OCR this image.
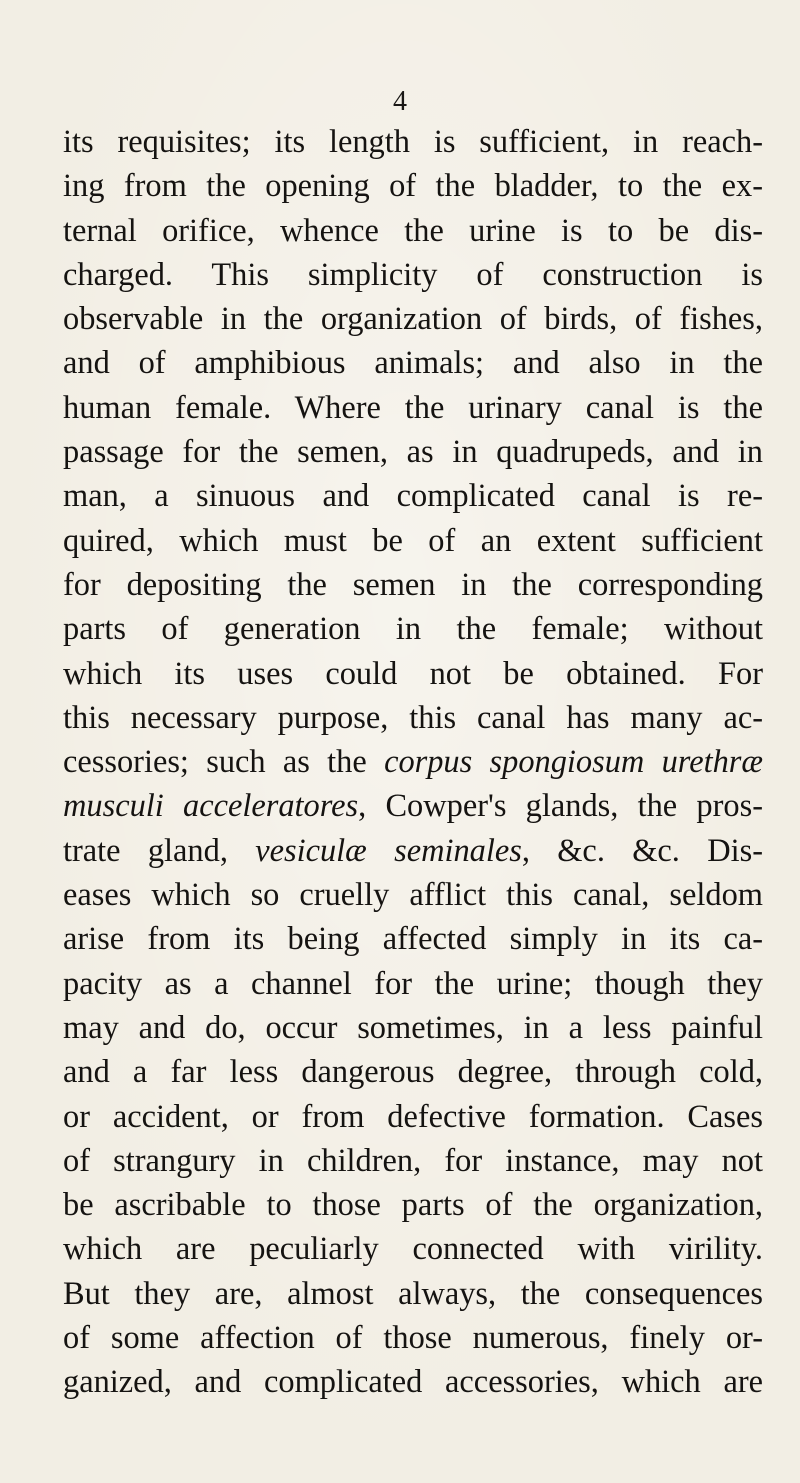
4
its requisites; its length is sufficient, in reach-
ing from the opening of the bladder, to the ex-
ternal orifice, whence the urine is to be dis-
charged. This simplicity of construction is
observable in the organization of birds, of fishes,
and of amphibious animals; and also in the
human female. Where the urinary canal is the
passage for the semen, as in quadrupeds, and in
man, a sinuous and complicated canal is re-
quired, which must be of an extent sufficient
for depositing the semen in the corresponding
parts of generation in the female; without
which its uses could not be obtained. For
this necessary purpose, this canal has many ac-
cessories; such as the corpus spongiosum urethræ
musculi acceleratores, Cowper's glands, the pros-
trate gland, vesiculæ seminales, &c. &c. Dis-
eases which so cruelly afflict this canal, seldom
arise from its being affected simply in its ca-
pacity as a channel for the urine; though they
may and do, occur sometimes, in a less painful
and a far less dangerous degree, through cold,
or accident, or from defective formation. Cases
of strangury in children, for instance, may not
be ascribable to those parts of the organization,
which are peculiarly connected with virility.
But they are, almost always, the consequences
of some affection of those numerous, finely or-
ganized, and complicated accessories, which are
